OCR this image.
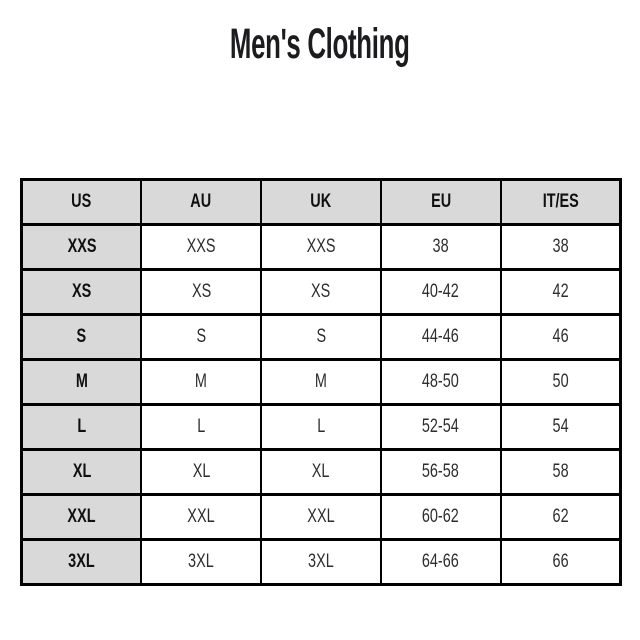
Men's Clothing
US	AU	UK	EU	IT/ES
XXS	XXS	XXS	38	38
XS	XS	XS	40-42	42
S	S	S	44-46	46
M	M	M	48-50	50
L	L	L	52-54	54
XL	XL	XL	56-58	58
XXL	XXL	XXL	60-62	62
3XL	3XL	3XL	64-66	66
